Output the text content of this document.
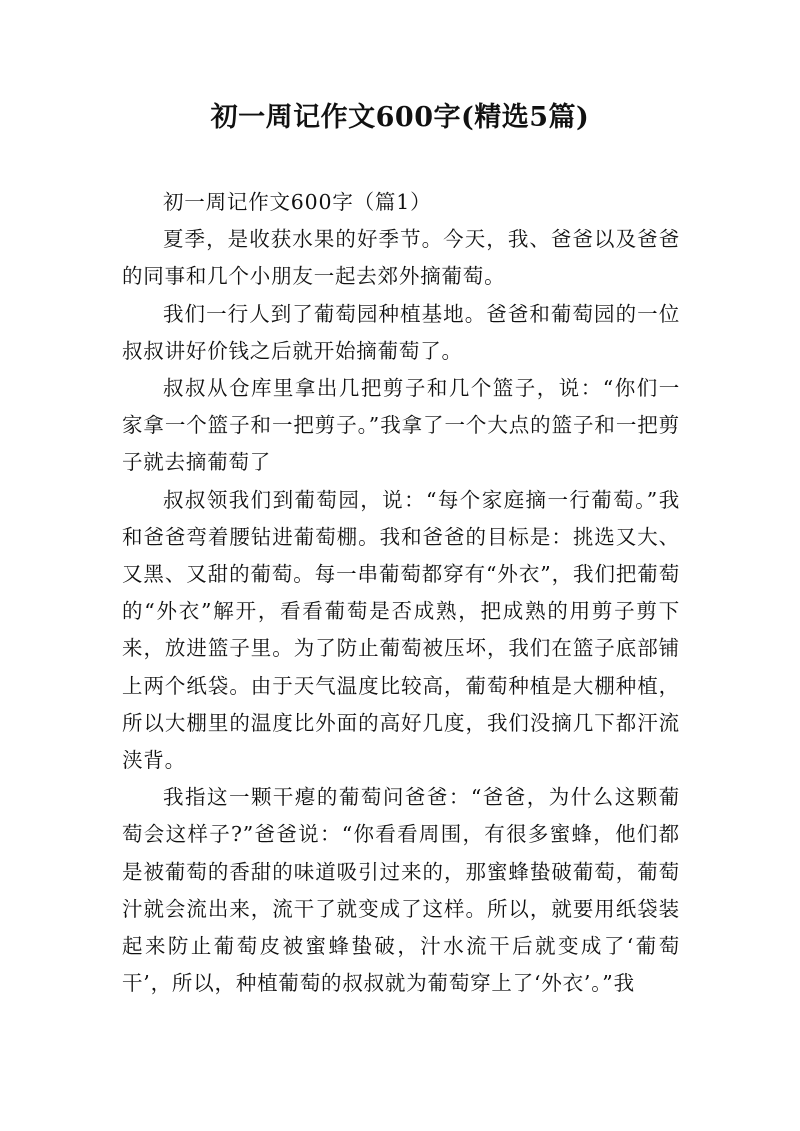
初一周记作文600字(精选5篇)

初一周记作文600字（篇1）

夏季，是收获水果的好季节。今天，我、爸爸以及爸爸的同事和几个小朋友一起去郊外摘葡萄。

我们一行人到了葡萄园种植基地。爸爸和葡萄园的一位叔叔讲好价钱之后就开始摘葡萄了。

叔叔从仓库里拿出几把剪子和几个篮子，说：“你们一家拿一个篮子和一把剪子。”我拿了一个大点的篮子和一把剪子就去摘葡萄了

叔叔领我们到葡萄园，说：“每个家庭摘一行葡萄。”我和爸爸弯着腰钻进葡萄棚。我和爸爸的目标是：挑选又大、又黑、又甜的葡萄。每一串葡萄都穿有“外衣”，我们把葡萄的“外衣”解开，看看葡萄是否成熟，把成熟的用剪子剪下来，放进篮子里。为了防止葡萄被压坏，我们在篮子底部铺上两个纸袋。由于天气温度比较高，葡萄种植是大棚种植，所以大棚里的温度比外面的高好几度，我们没摘几下都汗流浃背。

我指这一颗干瘪的葡萄问爸爸：“爸爸，为什么这颗葡萄会这样子?”爸爸说：“你看看周围，有很多蜜蜂，他们都是被葡萄的香甜的味道吸引过来的，那蜜蜂蛰破葡萄，葡萄汁就会流出来，流干了就变成了这样。所以，就要用纸袋装起来防止葡萄皮被蜜蜂蛰破，汁水流干后就变成了‘葡萄干’，所以，种植葡萄的叔叔就为葡萄穿上了‘外衣’。”我
